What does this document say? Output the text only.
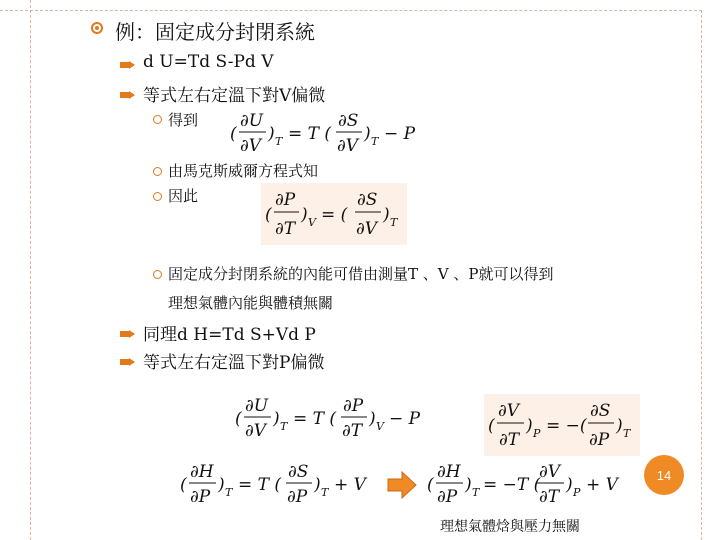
例：固定成分封閉系統
d U=Td S-Pd V
等式左右定溫下對V偏微
得到
(
∂U
∂V
) T = T (
∂S
∂V
) T − P
由馬克斯威爾方程式知
因此
(
∂P
∂T
) V = (
∂S
∂V
) T
固定成分封閉系統的內能可借由測量T 、V 、P就可以得到
理想氣體內能與體積無關
同理d H=Td S+Vd P
等式左右定溫下對P偏微
(
∂U
∂V
) T = T (
∂P
∂T
) V − P	(
∂V
∂T
) P = −(
∂S
∂P
) T
(
∂H
∂P
) T = T (
∂S
∂P
) T + V	(
∂H
∂P
) T = −T (
∂V
∂T
) P + V	14
理想氣體焓與壓力無關
